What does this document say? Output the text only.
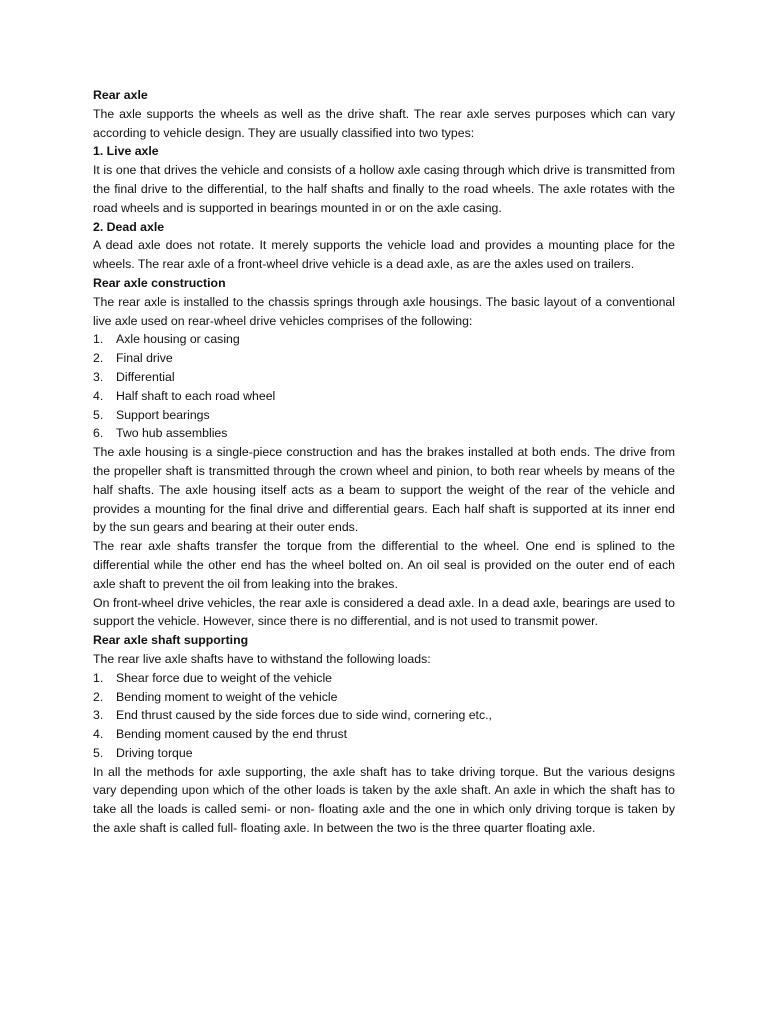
Rear axle

The axle supports the wheels as well as the drive shaft. The rear axle serves purposes which can vary according to vehicle design. They are usually classified into two types:

1. Live axle

It is one that drives the vehicle and consists of a hollow axle casing through which drive is transmitted from the final drive to the differential, to the half shafts and finally to the road wheels. The axle rotates with the road wheels and is supported in bearings mounted in or on the axle casing.

2. Dead axle

A dead axle does not rotate. It merely supports the vehicle load and provides a mounting place for the wheels. The rear axle of a front-wheel drive vehicle is a dead axle, as are the axles used on trailers.

Rear axle construction

The rear axle is installed to the chassis springs through axle housings. The basic layout of a conventional live axle used on rear-wheel drive vehicles comprises of the following:

1. Axle housing or casing
2. Final drive
3. Differential
4. Half shaft to each road wheel
5. Support bearings
6. Two hub assemblies

The axle housing is a single-piece construction and has the brakes installed at both ends. The drive from the propeller shaft is transmitted through the crown wheel and pinion, to both rear wheels by means of the half shafts. The axle housing itself acts as a beam to support the weight of the rear of the vehicle and provides a mounting for the final drive and differential gears. Each half shaft is supported at its inner end by the sun gears and bearing at their outer ends.

The rear axle shafts transfer the torque from the differential to the wheel. One end is splined to the differential while the other end has the wheel bolted on. An oil seal is provided on the outer end of each axle shaft to prevent the oil from leaking into the brakes.

On front-wheel drive vehicles, the rear axle is considered a dead axle. In a dead axle, bearings are used to support the vehicle. However, since there is no differential, and is not used to transmit power.

Rear axle shaft supporting

The rear live axle shafts have to withstand the following loads:

1. Shear force due to weight of the vehicle
2. Bending moment to weight of the vehicle
3. End thrust caused by the side forces due to side wind, cornering etc.,
4. Bending moment caused by the end thrust
5. Driving torque

In all the methods for axle supporting, the axle shaft has to take driving torque. But the various designs vary depending upon which of the other loads is taken by the axle shaft. An axle in which the shaft has to take all the loads is called semi- or non- floating axle and the one in which only driving torque is taken by the axle shaft is called full- floating axle. In between the two is the three quarter floating axle.
